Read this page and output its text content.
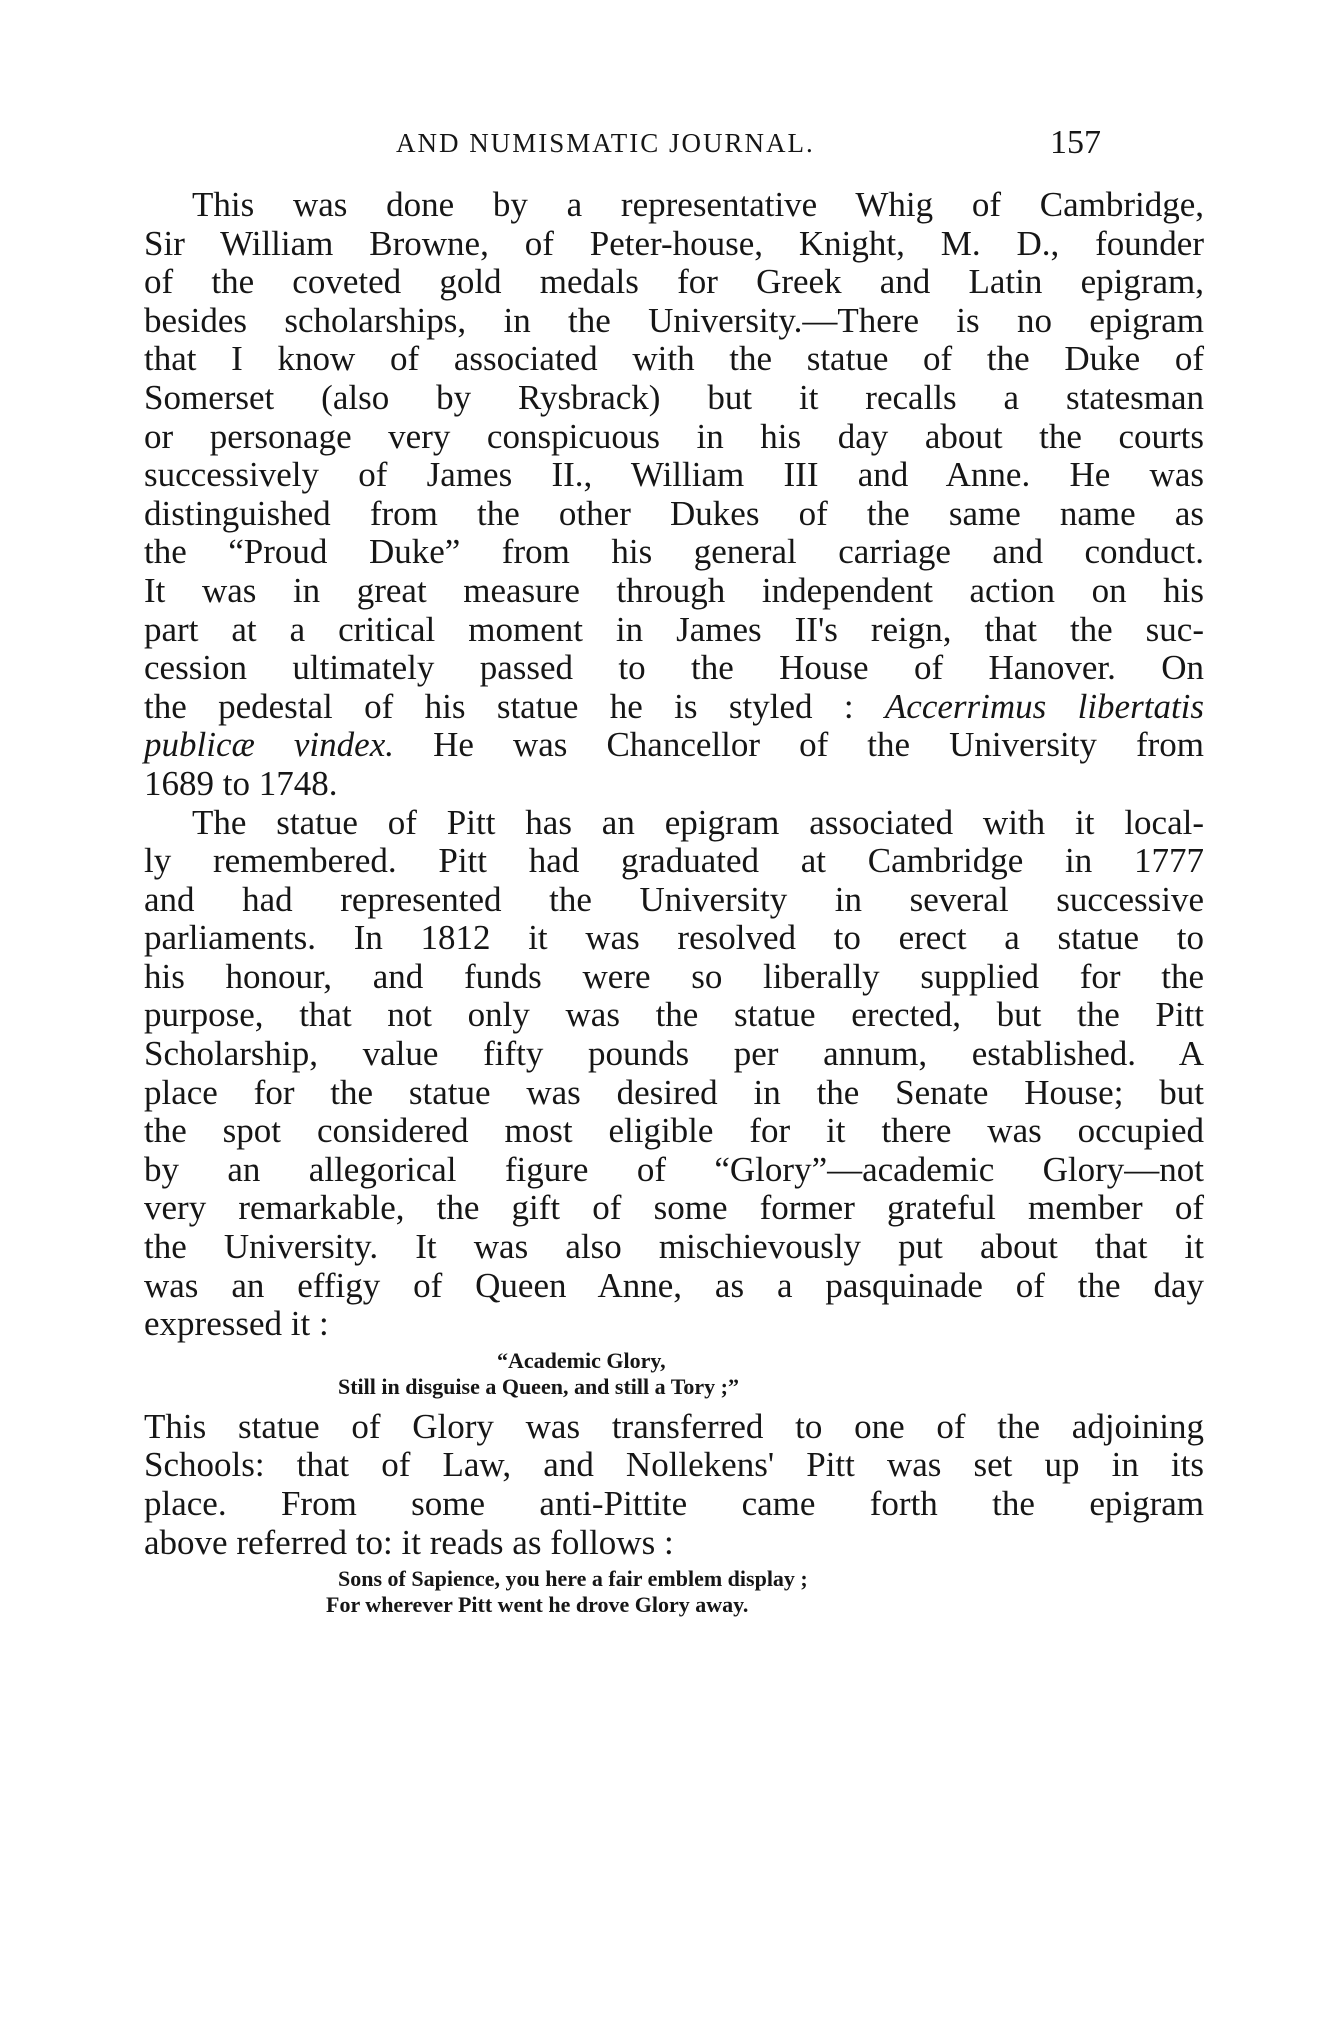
AND NUMISMATIC JOURNAL.	157
This was done by a representative Whig of Cambridge,
Sir William Browne, of Peter-house, Knight, M. D., founder
of the coveted gold medals for Greek and Latin epigram,
besides scholarships, in the University.—There is no epigram
that I know of associated with the statue of the Duke of
Somerset (also by Rysbrack) but it recalls a statesman
or personage very conspicuous in his day about the courts
successively of James II., William III and Anne. He was
distinguished from the other Dukes of the same name as
the “Proud Duke” from his general carriage and conduct.
It was in great measure through independent action on his
part at a critical moment in James II's reign, that the suc-
cession ultimately passed to the House of Hanover. On
the pedestal of his statue he is styled : Accerrimus libertatis
publicæ vindex. He was Chancellor of the University from
1689 to 1748.
The statue of Pitt has an epigram associated with it local-
ly remembered. Pitt had graduated at Cambridge in 1777
and had represented the University in several successive
parliaments. In 1812 it was resolved to erect a statue to
his honour, and funds were so liberally supplied for the
purpose, that not only was the statue erected, but the Pitt
Scholarship, value fifty pounds per annum, established. A
place for the statue was desired in the Senate House; but
the spot considered most eligible for it there was occupied
by an allegorical figure of “Glory”—academic Glory—not
very remarkable, the gift of some former grateful member of
the University. It was also mischievously put about that it
was an effigy of Queen Anne, as a pasquinade of the day
expressed it :
“Academic Glory,
Still in disguise a Queen, and still a Tory ;”
This statue of Glory was transferred to one of the adjoining
Schools: that of Law, and Nollekens' Pitt was set up in its
place. From some anti-Pittite came forth the epigram
above referred to: it reads as follows :
Sons of Sapience, you here a fair emblem display ;
For wherever Pitt went he drove Glory away.
